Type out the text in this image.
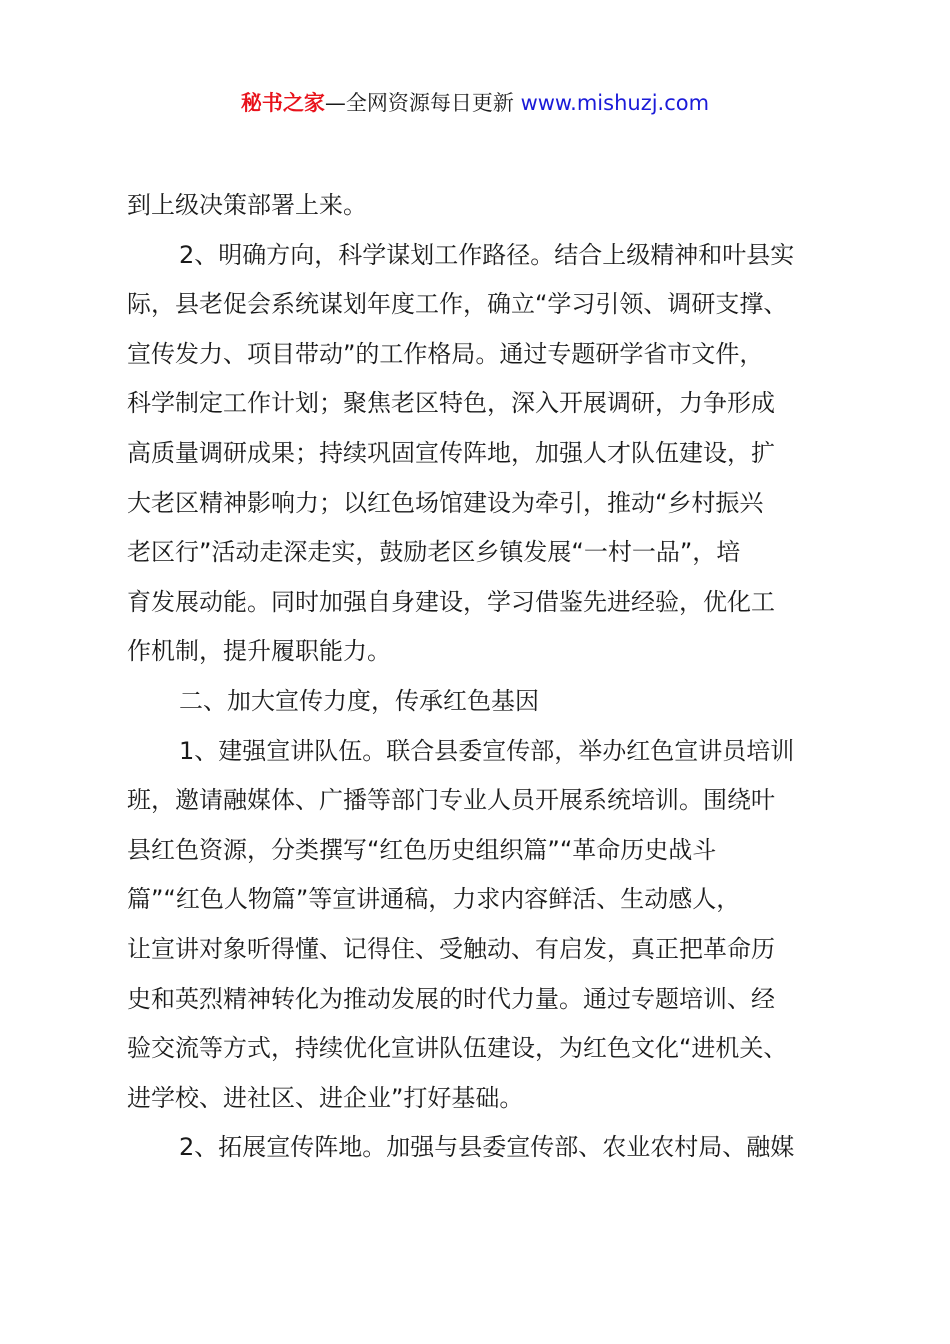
秘书之家—全网资源每日更新 www.mishuzj.com
到上级决策部署上来。
2、明确方向，科学谋划工作路径。结合上级精神和叶县实
际，县老促会系统谋划年度工作，确立“学习引领、调研支撑、
宣传发力、项目带动”的工作格局。通过专题研学省市文件，
科学制定工作计划；聚焦老区特色，深入开展调研，力争形成
高质量调研成果；持续巩固宣传阵地，加强人才队伍建设，扩
大老区精神影响力；以红色场馆建设为牵引，推动“乡村振兴
老区行”活动走深走实，鼓励老区乡镇发展“一村一品”，培
育发展动能。同时加强自身建设，学习借鉴先进经验，优化工
作机制，提升履职能力。
二、加大宣传力度，传承红色基因
1、建强宣讲队伍。联合县委宣传部，举办红色宣讲员培训
班，邀请融媒体、广播等部门专业人员开展系统培训。围绕叶
县红色资源，分类撰写“红色历史组织篇”“革命历史战斗
篇”“红色人物篇”等宣讲通稿，力求内容鲜活、生动感人，
让宣讲对象听得懂、记得住、受触动、有启发，真正把革命历
史和英烈精神转化为推动发展的时代力量。通过专题培训、经
验交流等方式，持续优化宣讲队伍建设，为红色文化“进机关、
进学校、进社区、进企业”打好基础。
2、拓展宣传阵地。加强与县委宣传部、农业农村局、融媒
